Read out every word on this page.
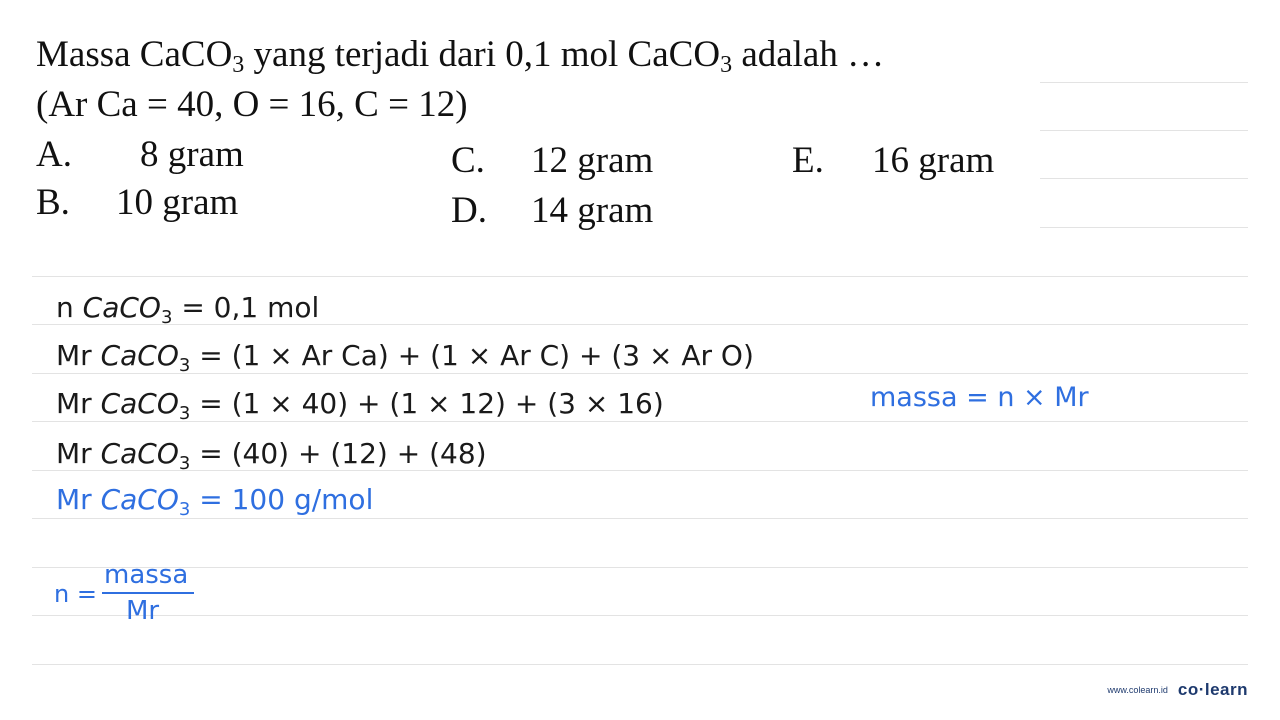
Massa CaCO$_3$ yang terjadi dari 0,1 mol CaCO$_3$ adalah …
(Ar Ca = 40, O = 16, C = 12)
A. 8 gram
B. 10 gram
C. 12 gram
D. 14 gram
E. 16 gram
n CaCO$_3$ = 0,1 mol
Mr CaCO$_3$ = (1 × Ar Ca) + (1 × Ar C) + (3 × Ar O)
Mr CaCO$_3$ = (1 × 40) + (1 × 12) + (3 × 16)
Mr CaCO$_3$ = (40) + (12) + (48)
Mr CaCO$_3$ = 100 g/mol
massa = n × Mr
n =
massa
Mr
www.colearn.id co·learn
